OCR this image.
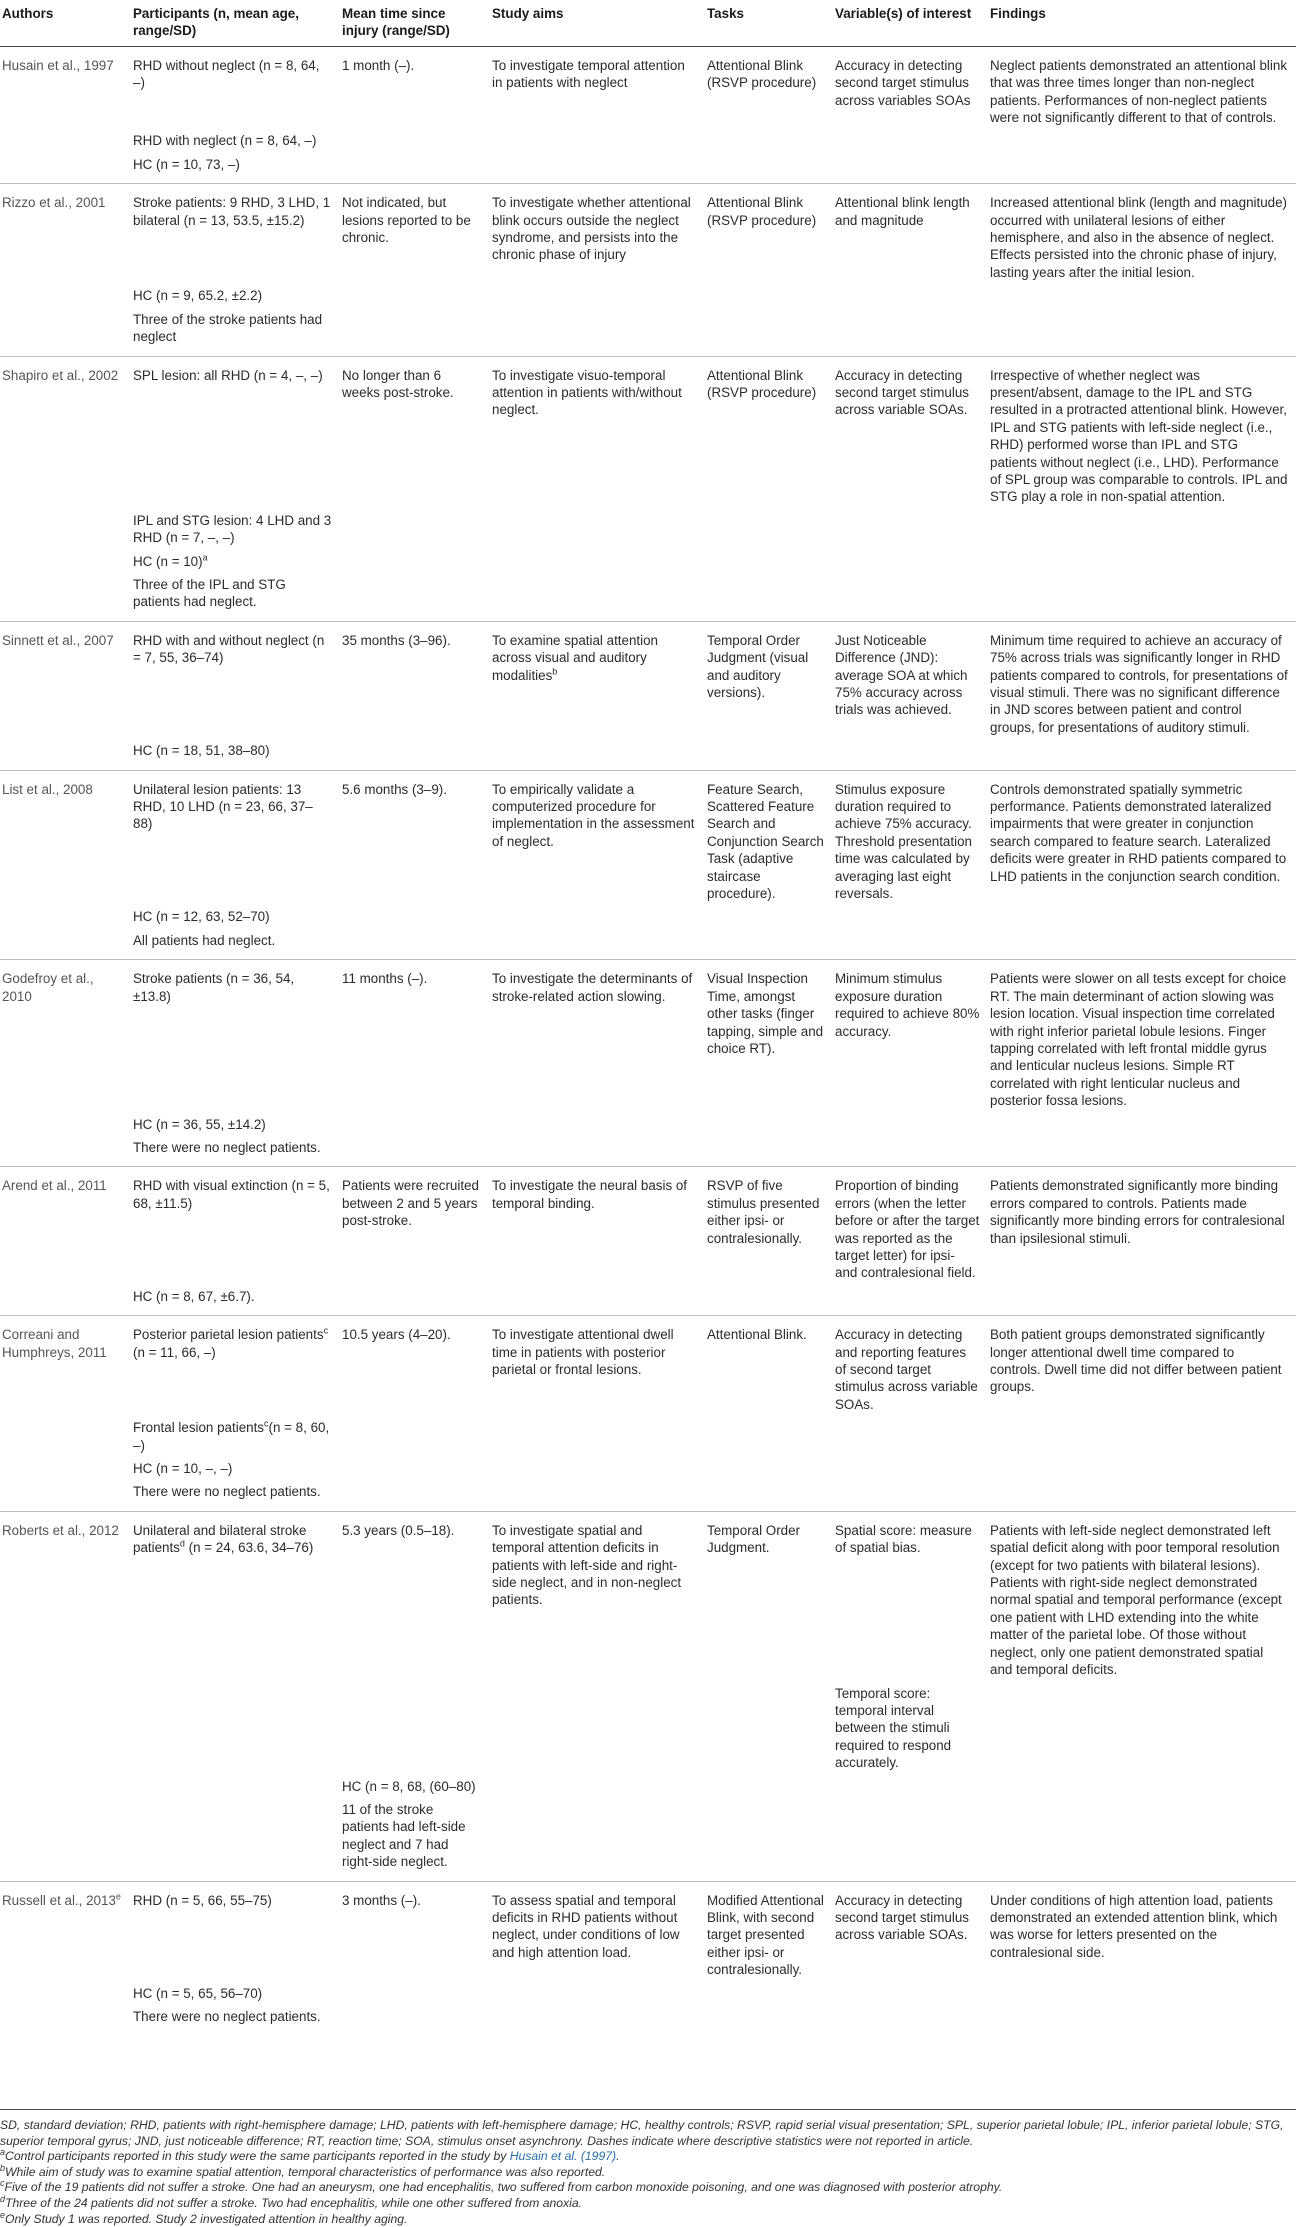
Authors	Participants (n, mean age, range/SD)	Mean time since injury (range/SD)	Study aims	Tasks	Variable(s) of interest	Findings
Husain et al., 1997	RHD without neglect (n = 8, 64, –)	1 month (–).	To investigate temporal attention in patients with neglect	Attentional Blink (RSVP procedure)	Accuracy in detecting second target stimulus across variables SOAs	Neglect patients demonstrated an attentional blink that was three times longer than non-neglect patients. Performances of non-neglect patients were not significantly different to that of controls.
	RHD with neglect (n = 8, 64, –)					
	HC (n = 10, 73, –)					
Rizzo et al., 2001	Stroke patients: 9 RHD, 3 LHD, 1 bilateral (n = 13, 53.5, ±15.2)	Not indicated, but lesions reported to be chronic.	To investigate whether attentional blink occurs outside the neglect syndrome, and persists into the chronic phase of injury	Attentional Blink (RSVP procedure)	Attentional blink length and magnitude	Increased attentional blink (length and magnitude) occurred with unilateral lesions of either hemisphere, and also in the absence of neglect. Effects persisted into the chronic phase of injury, lasting years after the initial lesion.
	HC (n = 9, 65.2, ±2.2)					
	Three of the stroke patients had neglect					
Shapiro et al., 2002	SPL lesion: all RHD (n = 4, –, –)	No longer than 6 weeks post-stroke.	To investigate visuo-temporal attention in patients with/without neglect.	Attentional Blink (RSVP procedure)	Accuracy in detecting second target stimulus across variable SOAs.	Irrespective of whether neglect was present/absent, damage to the IPL and STG resulted in a protracted attentional blink. However, IPL and STG patients with left-side neglect (i.e., RHD) performed worse than IPL and STG patients without neglect (i.e., LHD). Performance of SPL group was comparable to controls. IPL and STG play a role in non-spatial attention.
	IPL and STG lesion: 4 LHD and 3 RHD (n = 7, –, –)					
	HC (n = 10)$^a$					
	Three of the IPL and STG patients had neglect.					
Sinnett et al., 2007	RHD with and without neglect (n = 7, 55, 36–74)	35 months (3–96).	To examine spatial attention across visual and auditory modalities$^b$	Temporal Order Judgment (visual and auditory versions).	Just Noticeable Difference (JND): average SOA at which 75% accuracy across trials was achieved.	Minimum time required to achieve an accuracy of 75% across trials was significantly longer in RHD patients compared to controls, for presentations of visual stimuli. There was no significant difference in JND scores between patient and control groups, for presentations of auditory stimuli.
	HC (n = 18, 51, 38–80)					
List et al., 2008	Unilateral lesion patients: 13 RHD, 10 LHD (n = 23, 66, 37–88)	5.6 months (3–9).	To empirically validate a computerized procedure for implementation in the assessment of neglect.	Feature Search, Scattered Feature Search and Conjunction Search Task (adaptive staircase procedure).	Stimulus exposure duration required to achieve 75% accuracy. Threshold presentation time was calculated by averaging last eight reversals.	Controls demonstrated spatially symmetric performance. Patients demonstrated lateralized impairments that were greater in conjunction search compared to feature search. Lateralized deficits were greater in RHD patients compared to LHD patients in the conjunction search condition.
	HC (n = 12, 63, 52–70)					
	All patients had neglect.					
Godefroy et al., 2010	Stroke patients (n = 36, 54, ±13.8)	11 months (–).	To investigate the determinants of stroke-related action slowing.	Visual Inspection Time, amongst other tasks (finger tapping, simple and choice RT).	Minimum stimulus exposure duration required to achieve 80% accuracy.	Patients were slower on all tests except for choice RT. The main determinant of action slowing was lesion location. Visual inspection time correlated with right inferior parietal lobule lesions. Finger tapping correlated with left frontal middle gyrus and lenticular nucleus lesions. Simple RT correlated with right lenticular nucleus and posterior fossa lesions.
	HC (n = 36, 55, ±14.2)					
	There were no neglect patients.					
Arend et al., 2011	RHD with visual extinction (n = 5, 68, ±11.5)	Patients were recruited between 2 and 5 years post-stroke.	To investigate the neural basis of temporal binding.	RSVP of five stimulus presented either ipsi- or contralesionally.	Proportion of binding errors (when the letter before or after the target was reported as the target letter) for ipsi- and contralesional field.	Patients demonstrated significantly more binding errors compared to controls. Patients made significantly more binding errors for contralesional than ipsilesional stimuli.
	HC (n = 8, 67, ±6.7).					
Correani and Humphreys, 2011	Posterior parietal lesion patients$^c$ (n = 11, 66, –)	10.5 years (4–20).	To investigate attentional dwell time in patients with posterior parietal or frontal lesions.	Attentional Blink.	Accuracy in detecting and reporting features of second target stimulus across variable SOAs.	Both patient groups demonstrated significantly longer attentional dwell time compared to controls. Dwell time did not differ between patient groups.
	Frontal lesion patients$^c$(n = 8, 60, –)					
	HC (n = 10, –, –)					
	There were no neglect patients.					
Roberts et al., 2012	Unilateral and bilateral stroke patients$^d$ (n = 24, 63.6, 34–76)	5.3 years (0.5–18).	To investigate spatial and temporal attention deficits in patients with left-side and right-side neglect, and in non-neglect patients.	Temporal Order Judgment.	Spatial score: measure of spatial bias.	Patients with left-side neglect demonstrated left spatial deficit along with poor temporal resolution (except for two patients with bilateral lesions). Patients with right-side neglect demonstrated normal spatial and temporal performance (except one patient with LHD extending into the white matter of the parietal lobe. Of those without neglect, only one patient demonstrated spatial and temporal deficits.
					Temporal score: temporal interval between the stimuli required to respond accurately.	
		HC (n = 8, 68, (60–80)				
		11 of the stroke patients had left-side neglect and 7 had right-side neglect.				
Russell et al., 2013e	RHD (n = 5, 66, 55–75)	3 months (–).	To assess spatial and temporal deficits in RHD patients without neglect, under conditions of low and high attention load.	Modified Attentional Blink, with second target presented either ipsi- or contralesionally.	Accuracy in detecting second target stimulus across variable SOAs.	Under conditions of high attention load, patients demonstrated an extended attention blink, which was worse for letters presented on the contralesional side.
	HC (n = 5, 65, 56–70)					
	There were no neglect patients.					
SD, standard deviation; RHD, patients with right-hemisphere damage; LHD, patients with left-hemisphere damage; HC, healthy controls; RSVP, rapid serial visual presentation; SPL, superior parietal lobule; IPL, inferior parietal lobule; STG, superior temporal gyrus; JND, just noticeable difference; RT, reaction time; SOA, stimulus onset asynchrony. Dashes indicate where descriptive statistics were not reported in article.
$^a$Control participants reported in this study were the same participants reported in the study by Husain et al. (1997).
$^b$While aim of study was to examine spatial attention, temporal characteristics of performance was also reported.
$^c$Five of the 19 patients did not suffer a stroke. One had an aneurysm, one had encephalitis, two suffered from carbon monoxide poisoning, and one was diagnosed with posterior atrophy.
$^d$Three of the 24 patients did not suffer a stroke. Two had encephalitis, while one other suffered from anoxia.
$^e$Only Study 1 was reported. Study 2 investigated attention in healthy aging.
